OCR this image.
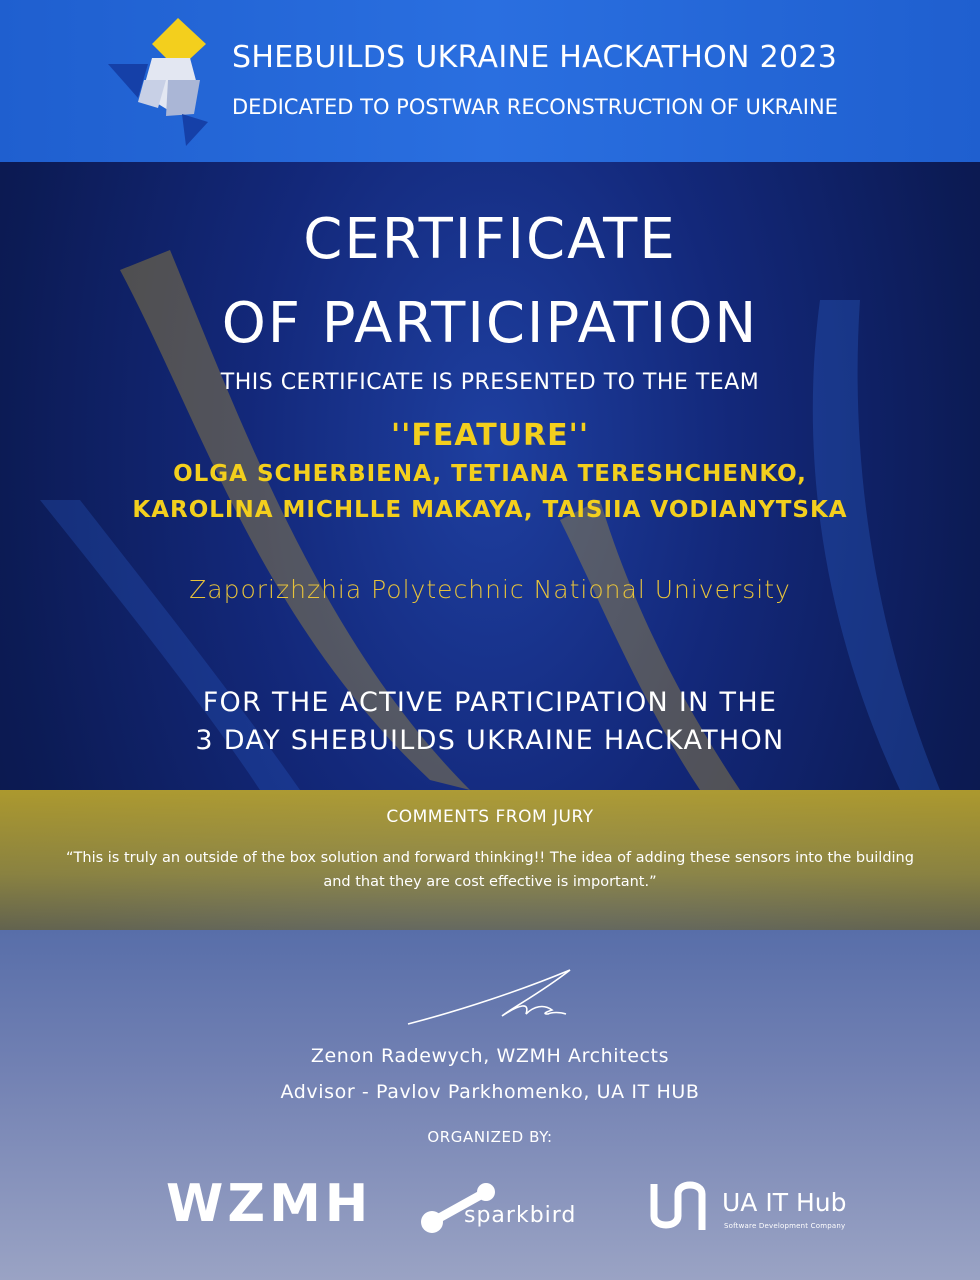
SHEBUILDS UKRAINE HACKATHON 2023
DEDICATED TO POSTWAR RECONSTRUCTION OF UKRAINE
CERTIFICATE
OF PARTICIPATION
THIS CERTIFICATE IS PRESENTED TO THE TEAM
''FEATURE''
OLGA SCHERBIENA, TETIANA TERESHCHENKO,
KAROLINA MICHLLE MAKAYA, TAISIIA VODIANYTSKA
Zaporizhzhia Polytechnic National University
FOR THE ACTIVE PARTICIPATION IN THE
3 DAY SHEBUILDS UKRAINE HACKATHON
COMMENTS FROM JURY
“This is truly an outside of the box solution and forward thinking!! The idea of adding these sensors into the building
and that they are cost effective is important.”
Zenon Radewych, WZMH Architects
Advisor - Pavlov Parkhomenko, UA IT HUB
ORGANIZED BY:
WZMH	sparkbird	UA IT Hub
Software Development Company
